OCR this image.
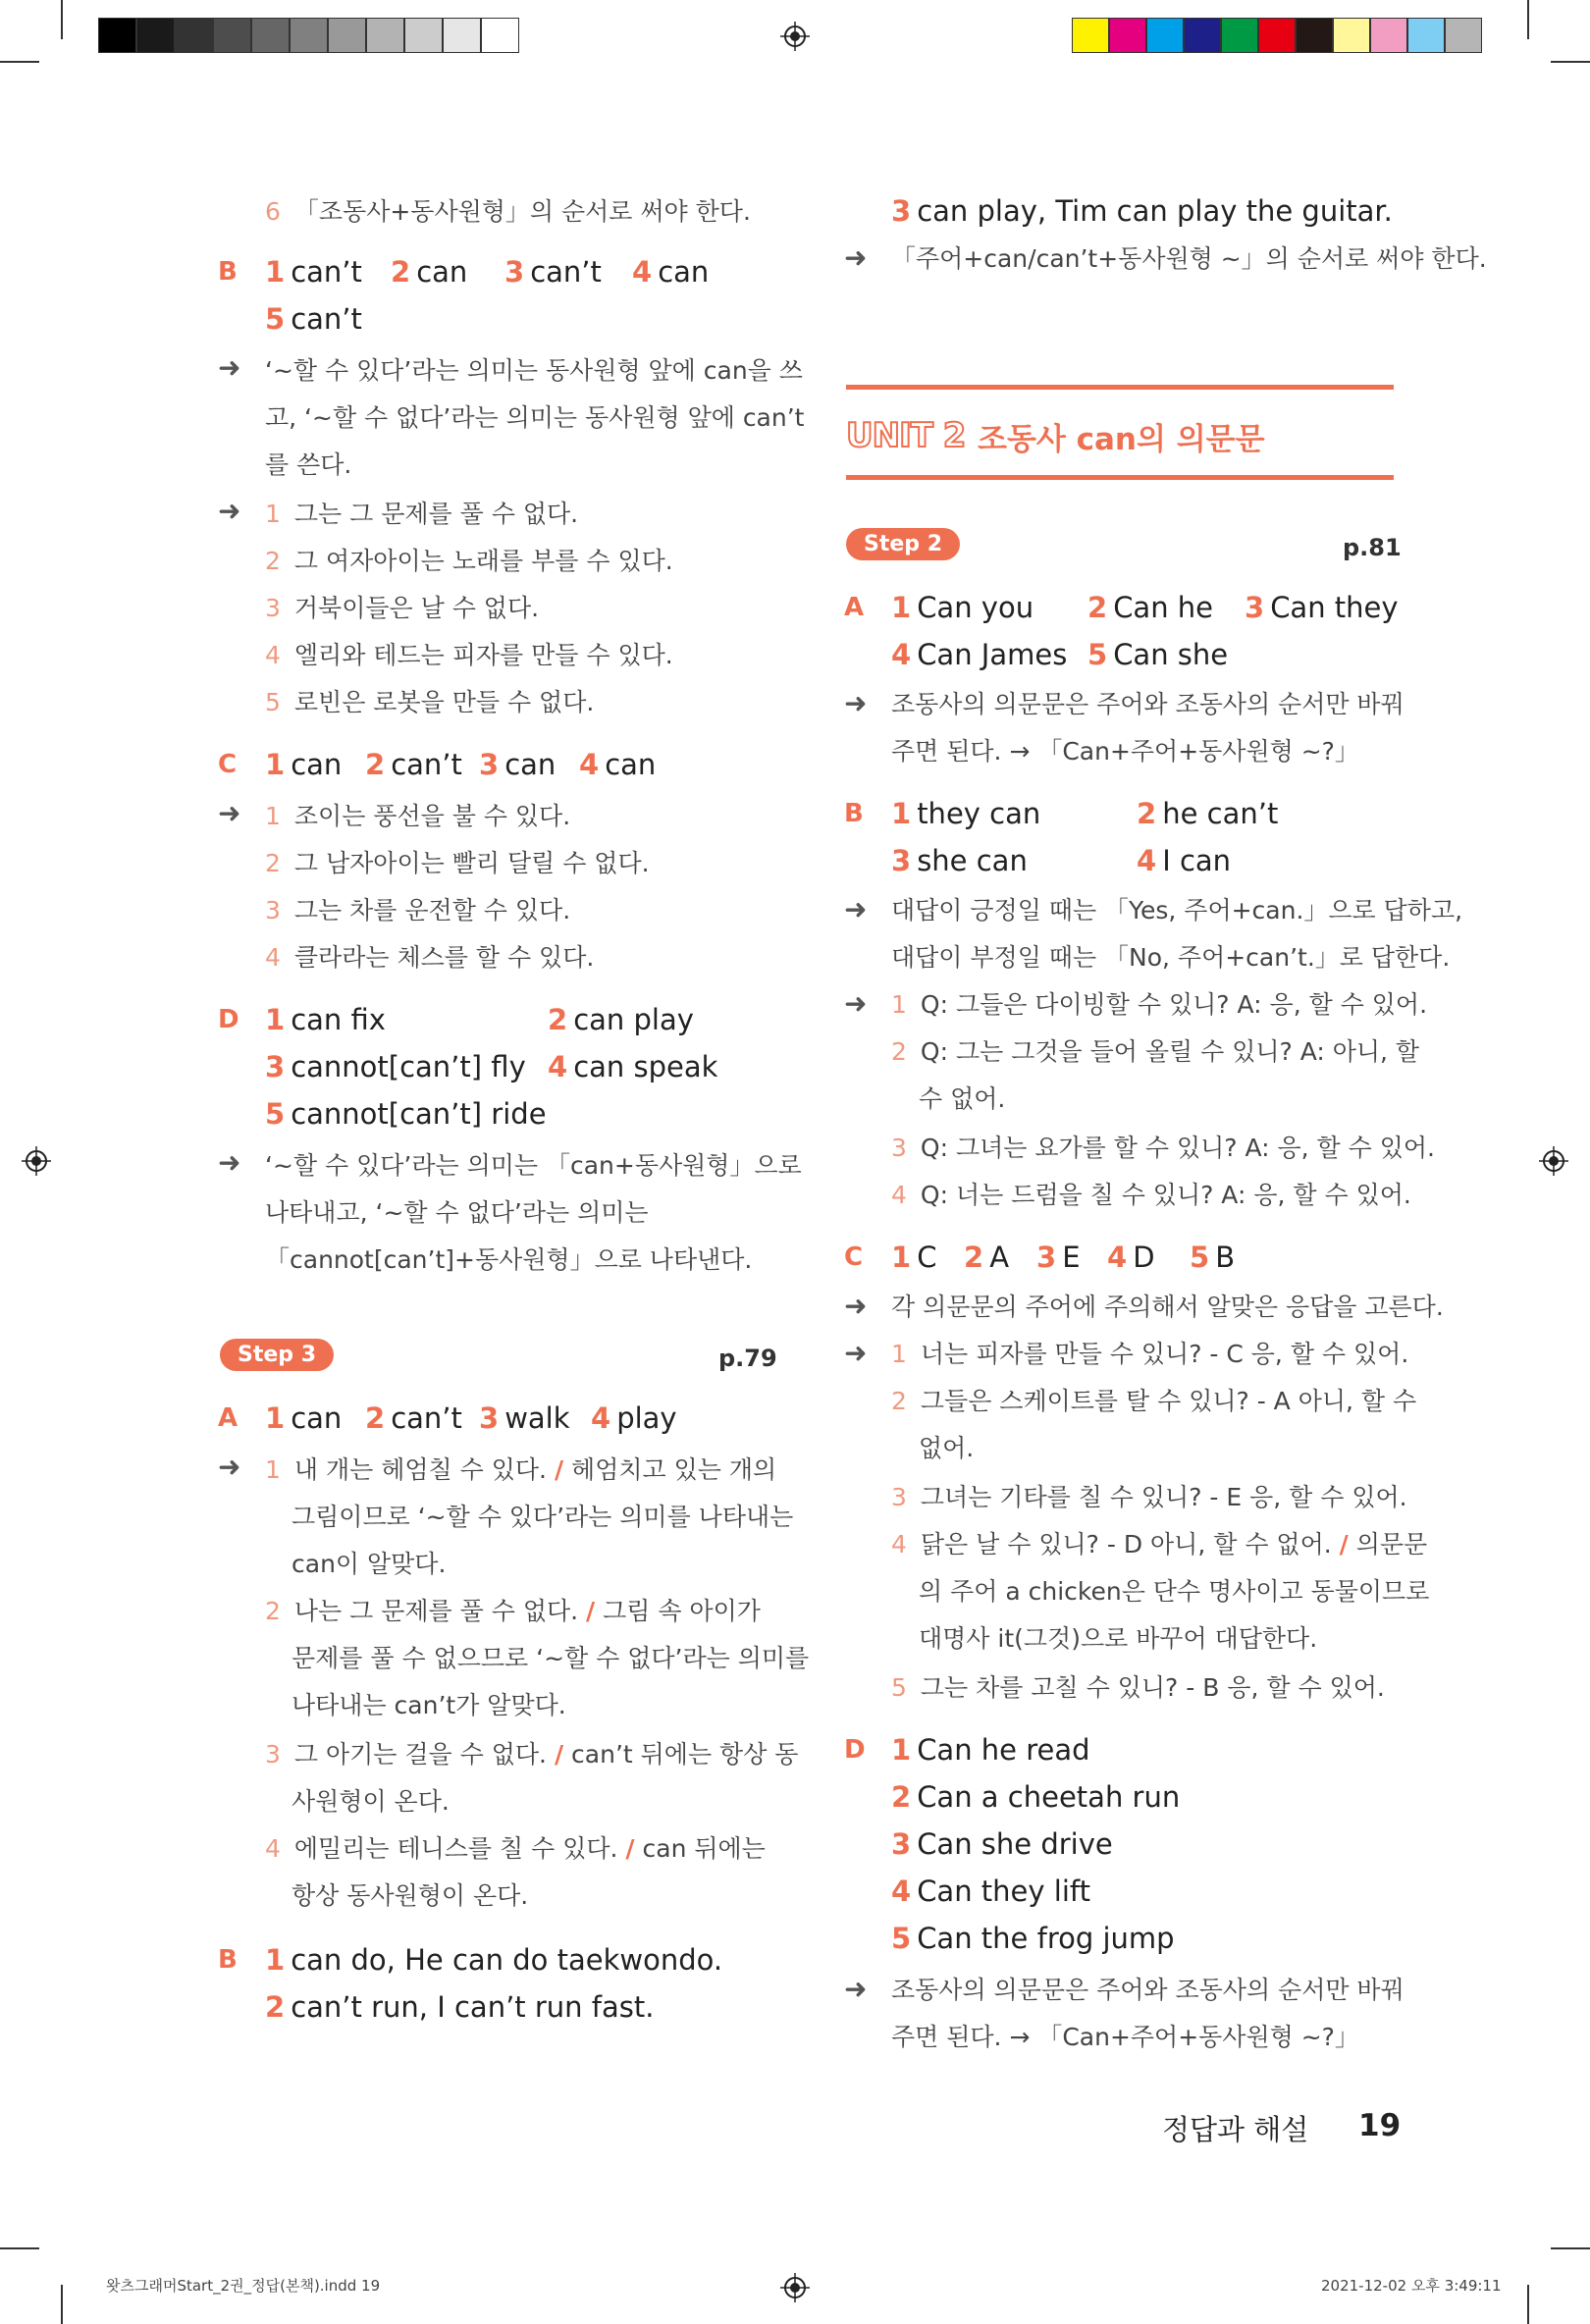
6 「조동사+동사원형」의 순서로 써야 한다.
B 1 can’t 2 can 3 can’t 4 can
5 can’t
➜ ‘~할 수 있다’라는 의미는 동사원형 앞에 can을 쓰
고, ‘~할 수 없다’라는 의미는 동사원형 앞에 can’t
를 쓴다.
➜ 1 그는 그 문제를 풀 수 없다.
2 그 여자아이는 노래를 부를 수 있다.
3 거북이들은 날 수 없다.
4 엘리와 테드는 피자를 만들 수 있다.
5 로빈은 로봇을 만들 수 없다.
C 1 can 2 can’t 3 can 4 can
➜ 1 조이는 풍선을 불 수 있다.
2 그 남자아이는 빨리 달릴 수 없다.
3 그는 차를 운전할 수 있다.
4 클라라는 체스를 할 수 있다.
D 1 can fix	2 can play
3 cannot[can’t] fly 4 can speak
5 cannot[can’t] ride
➜ ‘~할 수 있다’라는 의미는 「can+동사원형」으로
나타내고, ‘~할 수 없다’라는 의미는
「cannot[can’t]+동사원형」으로 나타낸다.
Step 3	p.79
A 1 can 2 can’t 3 walk 4 play
➜ 1 내 개는 헤엄칠 수 있다. / 헤엄치고 있는 개의
그림이므로 ‘~할 수 있다’라는 의미를 나타내는
can이 알맞다.
2 나는 그 문제를 풀 수 없다. / 그림 속 아이가
문제를 풀 수 없으므로 ‘~할 수 없다’라는 의미를
나타내는 can’t가 알맞다.
3 그 아기는 걸을 수 없다. / can’t 뒤에는 항상 동
사원형이 온다.
4 에밀리는 테니스를 칠 수 있다. / can 뒤에는
항상 동사원형이 온다.
B 1 can do, He can do taekwondo.
2 can’t run, I can’t run fast.
3 can play, Tim can play the guitar.
➜ 「주어+can/can’t+동사원형 ~」의 순서로 써야 한다.
UNIT 2 조동사 can의 의문문
Step 2	p.81
A 1 Can you 2 Can he 3 Can they
4 Can James 5 Can she
➜ 조동사의 의문문은 주어와 조동사의 순서만 바꿔
주면 된다. → 「Can+주어+동사원형 ~?」
B 1 they can	2 he can’t
3 she can	4 I can
➜ 대답이 긍정일 때는 「Yes, 주어+can.」으로 답하고,
대답이 부정일 때는 「No, 주어+can’t.」로 답한다.
➜ 1 Q: 그들은 다이빙할 수 있니? A: 응, 할 수 있어.
2 Q: 그는 그것을 들어 올릴 수 있니? A: 아니, 할
수 없어.
3 Q: 그녀는 요가를 할 수 있니? A: 응, 할 수 있어.
4 Q: 너는 드럼을 칠 수 있니? A: 응, 할 수 있어.
C 1 C 2 A 3 E 4 D 5 B
➜ 각 의문문의 주어에 주의해서 알맞은 응답을 고른다.
➜ 1 너는 피자를 만들 수 있니? - C 응, 할 수 있어.
2 그들은 스케이트를 탈 수 있니? - A 아니, 할 수
없어.
3 그녀는 기타를 칠 수 있니? - E 응, 할 수 있어.
4 닭은 날 수 있니? - D 아니, 할 수 없어. / 의문문
의 주어 a chicken은 단수 명사이고 동물이므로
대명사 it(그것)으로 바꾸어 대답한다.
5 그는 차를 고칠 수 있니? - B 응, 할 수 있어.
D 1 Can he read
2 Can a cheetah run
3 Can she drive
4 Can they lift
5 Can the frog jump
➜ 조동사의 의문문은 주어와 조동사의 순서만 바꿔
주면 된다. → 「Can+주어+동사원형 ~?」
정답과 해설 19
왓츠그래머Start_2권_정답(본책).indd 19	2021-12-02 오후 3:49:11
